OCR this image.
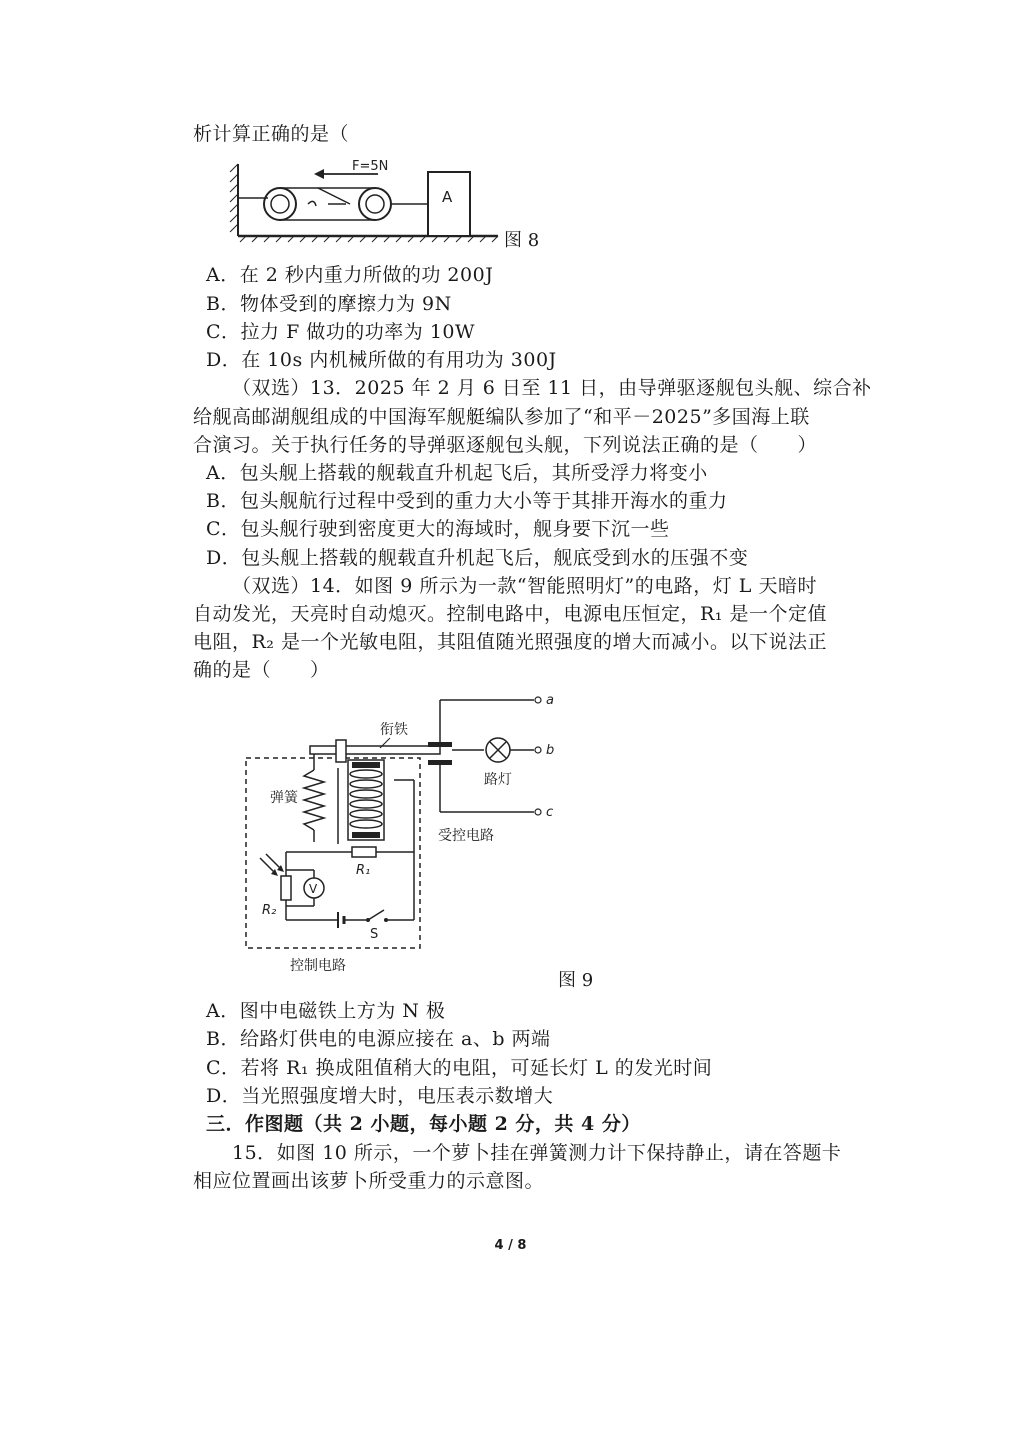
析计算正确的是（
F=5N
A
图 8
A．在 2 秒内重力所做的功 200J
B．物体受到的摩擦力为 9N
C．拉力 F 做功的功率为 10W
D．在 10s 内机械所做的有用功为 300J
（双选）13．2025 年 2 月 6 日至 11 日，由导弹驱逐舰包头舰、综合补
给舰高邮湖舰组成的中国海军舰艇编队参加了“和平－2025”多国海上联
合演习。关于执行任务的导弹驱逐舰包头舰，下列说法正确的是（　　）
A．包头舰上搭载的舰载直升机起飞后，其所受浮力将变小
B．包头舰航行过程中受到的重力大小等于其排开海水的重力
C．包头舰行驶到密度更大的海域时，舰身要下沉一些
D．包头舰上搭载的舰载直升机起飞后，舰底受到水的压强不变
（双选）14．如图 9 所示为一款“智能照明灯”的电路，灯 L 天暗时
自动发光，天亮时自动熄灭。控制电路中，电源电压恒定，R₁ 是一个定值
电阻，R₂ 是一个光敏电阻，其阻值随光照强度的增大而减小。以下说法正
确的是（　　）
衔铁
弹簧
R₁
R₂
V
S
a
b
路灯
c
受控电路
控制电路
图 9
A．图中电磁铁上方为 N 极
B．给路灯供电的电源应接在 a、b 两端
C．若将 R₁ 换成阻值稍大的电阻，可延长灯 L 的发光时间
D．当光照强度增大时，电压表示数增大
三．作图题（共 2 小题，每小题 2 分，共 4 分）
15．如图 10 所示，一个萝卜挂在弹簧测力计下保持静止，请在答题卡
相应位置画出该萝卜所受重力的示意图。
4 / 8
